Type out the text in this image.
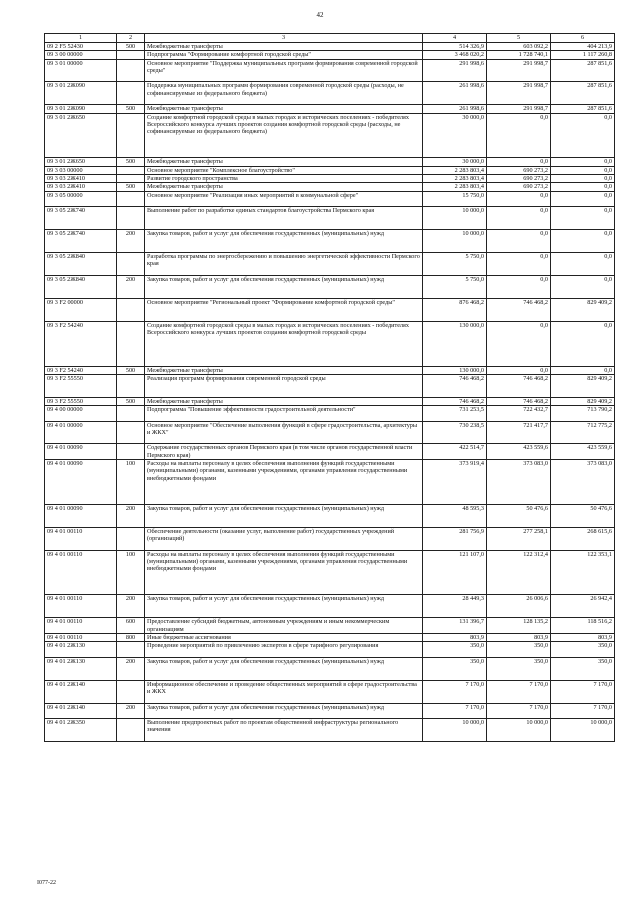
42
1	2	3	4	5	6
09 2 F5 52430	500	Межбюджетные трансферты	514 326,9	603 092,2	404 213,9
09 3 00 00000		Подпрограмма "Формирование комфортной городской среды"	3 468 020,2	1 728 740,1	1 117 260,8
09 3 01 00000		Основное мероприятие "Поддержка муниципальных программ формирования современной городской среды"	291 998,6	291 998,7	287 851,6
09 3 01 2Ж090		Поддержка муниципальных программ формирования современной городской среды (расходы, не софинансируемые из федерального бюджета)	261 998,6	291 998,7	287 851,6
09 3 01 2Ж090	500	Межбюджетные трансферты	261 998,6	291 998,7	287 851,6
09 3 01 2Ж650		Создание комфортной городской среды в малых городах и исторических поселениях - победителях Всероссийского конкурса лучших проектов создания комфортной городской среды (расходы, не софинансируемые из федерального бюджета)	30 000,0	0,0	0,0
09 3 01 2Ж650	500	Межбюджетные трансферты	30 000,0	0,0	0,0
09 3 03 00000		Основное мероприятие "Комплексное благоустройство"	2 283 803,4	690 273,2	0,0
09 3 03 2Ж410		Развитие городского пространства	2 283 803,4	690 273,2	0,0
09 3 03 2Ж410	500	Межбюджетные трансферты	2 283 803,4	690 273,2	0,0
09 3 05 00000		Основное мероприятие "Реализация иных мероприятий в коммунальной сфере"	15 750,0	0,0	0,0
09 3 05 2Ж740		Выполнение работ по разработке единых стандартов благоустройства Пермского края	10 000,0	0,0	0,0
09 3 05 2Ж740	200	Закупка товаров, работ и услуг для обеспечения государственных (муниципальных) нужд	10 000,0	0,0	0,0
09 3 05 2Ж840		Разработка программы по энергосбережению и повышению энергетической эффективности Пермского края	5 750,0	0,0	0,0
09 3 05 2Ж840	200	Закупка товаров, работ и услуг для обеспечения государственных (муниципальных) нужд	5 750,0	0,0	0,0
09 3 F2 00000		Основное мероприятие "Региональный проект "Формирование комфортной городской среды"	876 468,2	746 468,2	829 409,2
09 3 F2 54240		Создание комфортной городской среды в малых городах и исторических поселениях - победителях Всероссийского конкурса лучших проектов создания комфортной городской среды	130 000,0	0,0	0,0
09 3 F2 54240	500	Межбюджетные трансферты	130 000,0	0,0	0,0
09 3 F2 55550		Реализация программ формирования современной городской среды	746 468,2	746 468,2	829 409,2
09 3 F2 55550	500	Межбюджетные трансферты	746 468,2	746 468,2	829 409,2
09 4 00 00000		Подпрограмма "Повышение эффективности градостроительной деятельности"	731 253,5	722 432,7	713 790,2
09 4 01 00000		Основное мероприятие "Обеспечение выполнения функций в сфере градостроительства, архитектуры и ЖКХ"	730 238,5	721 417,7	712 775,2
09 4 01 00090		Содержание государственных органов Пермского края (в том числе органов государственной власти Пермского края)	422 514,7	423 559,6	423 559,6
09 4 01 00090	100	Расходы на выплаты персоналу в целях обеспечения выполнения функций государственными (муниципальными) органами, казенными учреждениями, органами управления государственными внебюджетными фондами	373 919,4	373 083,0	373 083,0
09 4 01 00090	200	Закупка товаров, работ и услуг для обеспечения государственных (муниципальных) нужд	48 595,3	50 476,6	50 476,6
09 4 01 00110		Обеспечение деятельности (оказание услуг, выполнение работ) государственных учреждений (организаций)	281 756,9	277 258,1	268 615,6
09 4 01 00110	100	Расходы на выплаты персоналу в целях обеспечения выполнения функций государственными (муниципальными) органами, казенными учреждениями, органами управления государственными внебюджетными фондами	121 107,0	122 312,4	122 353,1
09 4 01 00110	200	Закупка товаров, работ и услуг для обеспечения государственных (муниципальных) нужд	28 449,3	26 006,6	26 942,4
09 4 01 00110	600	Предоставление субсидий бюджетным, автономным учреждениям и иным некоммерческим организациям	131 396,7	128 135,2	118 516,2
09 4 01 00110	800	Иные бюджетные ассигнования	803,9	803,9	803,9
09 4 01 2Ж130		Проведение мероприятий по привлечению экспертов в сфере тарифного регулирования	350,0	350,0	350,0
09 4 01 2Ж130	200	Закупка товаров, работ и услуг для обеспечения государственных (муниципальных) нужд	350,0	350,0	350,0
09 4 01 2Ж140		Информационное обеспечение и проведение общественных мероприятий в сфере градостроительства и ЖКХ	7 170,0	7 170,0	7 170,0
09 4 01 2Ж140	200	Закупка товаров, работ и услуг для обеспечения государственных (муниципальных) нужд	7 170,0	7 170,0	7 170,0
09 4 01 2Ж350		Выполнение предпроектных работ по проектам общественной инфраструктуры регионального значения	10 000,0	10 000,0	10 000,0
I077-22
